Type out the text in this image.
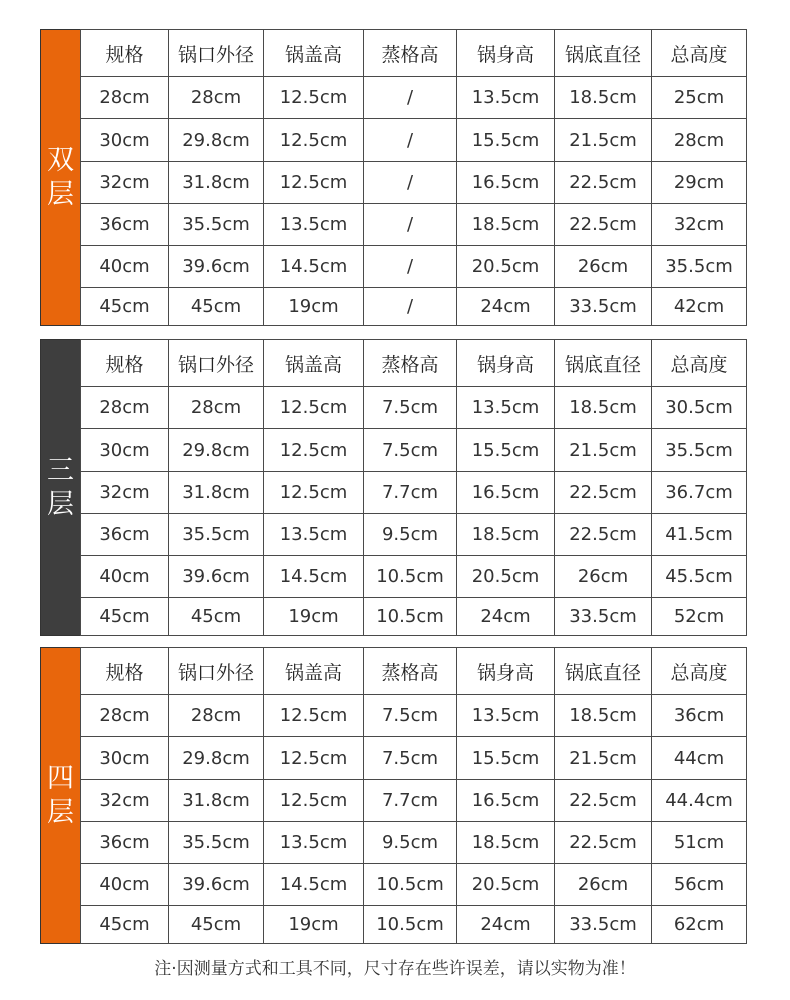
双
层
规格	锅口外径	锅盖高	蒸格高	锅身高	锅底直径	总高度
28cm	28cm	12.5cm	/	13.5cm	18.5cm	25cm
30cm	29.8cm	12.5cm	/	15.5cm	21.5cm	28cm
32cm	31.8cm	12.5cm	/	16.5cm	22.5cm	29cm
36cm	35.5cm	13.5cm	/	18.5cm	22.5cm	32cm
40cm	39.6cm	14.5cm	/	20.5cm	26cm	35.5cm
45cm	45cm	19cm	/	24cm	33.5cm	42cm
三
层
规格	锅口外径	锅盖高	蒸格高	锅身高	锅底直径	总高度
28cm	28cm	12.5cm	7.5cm	13.5cm	18.5cm	30.5cm
30cm	29.8cm	12.5cm	7.5cm	15.5cm	21.5cm	35.5cm
32cm	31.8cm	12.5cm	7.7cm	16.5cm	22.5cm	36.7cm
36cm	35.5cm	13.5cm	9.5cm	18.5cm	22.5cm	41.5cm
40cm	39.6cm	14.5cm	10.5cm	20.5cm	26cm	45.5cm
45cm	45cm	19cm	10.5cm	24cm	33.5cm	52cm
四
层
规格	锅口外径	锅盖高	蒸格高	锅身高	锅底直径	总高度
28cm	28cm	12.5cm	7.5cm	13.5cm	18.5cm	36cm
30cm	29.8cm	12.5cm	7.5cm	15.5cm	21.5cm	44cm
32cm	31.8cm	12.5cm	7.7cm	16.5cm	22.5cm	44.4cm
36cm	35.5cm	13.5cm	9.5cm	18.5cm	22.5cm	51cm
40cm	39.6cm	14.5cm	10.5cm	20.5cm	26cm	56cm
45cm	45cm	19cm	10.5cm	24cm	33.5cm	62cm
注·因测量方式和工具不同，尺寸存在些许误差，请以实物为准！
